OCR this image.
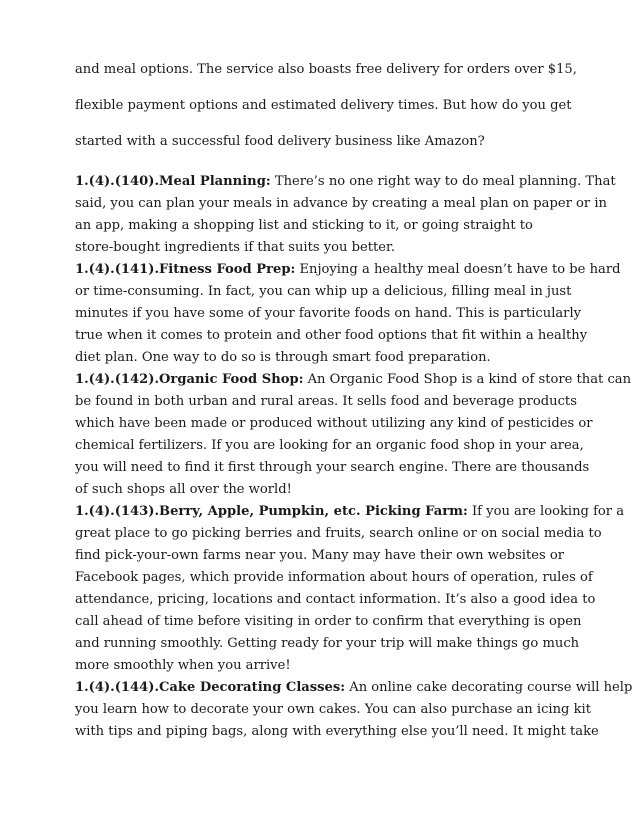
and meal options. The service also boasts free delivery for orders over $15,

flexible payment options and estimated delivery times. But how do you get

started with a successful food delivery business like Amazon?

1.(4).(140).Meal Planning: There’s no one right way to do meal planning. That
said, you can plan your meals in advance by creating a meal plan on paper or in
an app, making a shopping list and sticking to it, or going straight to
store-bought ingredients if that suits you better.
1.(4).(141).Fitness Food Prep: Enjoying a healthy meal doesn’t have to be hard
or time-consuming. In fact, you can whip up a delicious, filling meal in just
minutes if you have some of your favorite foods on hand. This is particularly
true when it comes to protein and other food options that fit within a healthy
diet plan. One way to do so is through smart food preparation.
1.(4).(142).Organic Food Shop: An Organic Food Shop is a kind of store that can
be found in both urban and rural areas. It sells food and beverage products
which have been made or produced without utilizing any kind of pesticides or
chemical fertilizers. If you are looking for an organic food shop in your area,
you will need to find it first through your search engine. There are thousands
of such shops all over the world!
1.(4).(143).Berry, Apple, Pumpkin, etc. Picking Farm: If you are looking for a
great place to go picking berries and fruits, search online or on social media to
find pick-your-own farms near you. Many may have their own websites or
Facebook pages, which provide information about hours of operation, rules of
attendance, pricing, locations and contact information. It’s also a good idea to
call ahead of time before visiting in order to confirm that everything is open
and running smoothly. Getting ready for your trip will make things go much
more smoothly when you arrive!
1.(4).(144).Cake Decorating Classes: An online cake decorating course will help
you learn how to decorate your own cakes. You can also purchase an icing kit
with tips and piping bags, along with everything else you’ll need. It might take
